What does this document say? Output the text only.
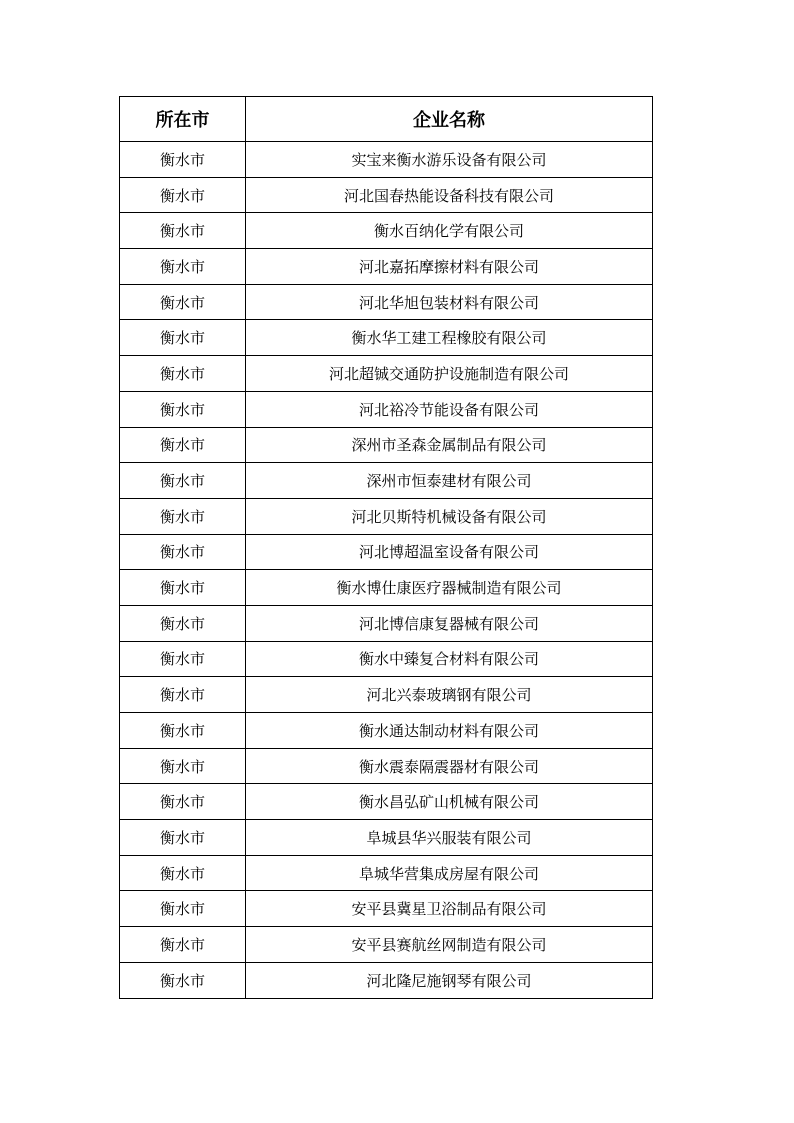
所在市	企业名称
衡水市	实宝来衡水游乐设备有限公司
衡水市	河北国春热能设备科技有限公司
衡水市	衡水百纳化学有限公司
衡水市	河北嘉拓摩擦材料有限公司
衡水市	河北华旭包装材料有限公司
衡水市	衡水华工建工程橡胶有限公司
衡水市	河北超铖交通防护设施制造有限公司
衡水市	河北裕冷节能设备有限公司
衡水市	深州市圣森金属制品有限公司
衡水市	深州市恒泰建材有限公司
衡水市	河北贝斯特机械设备有限公司
衡水市	河北博超温室设备有限公司
衡水市	衡水博仕康医疗器械制造有限公司
衡水市	河北博信康复器械有限公司
衡水市	衡水中臻复合材料有限公司
衡水市	河北兴泰玻璃钢有限公司
衡水市	衡水通达制动材料有限公司
衡水市	衡水震泰隔震器材有限公司
衡水市	衡水昌弘矿山机械有限公司
衡水市	阜城县华兴服装有限公司
衡水市	阜城华营集成房屋有限公司
衡水市	安平县冀星卫浴制品有限公司
衡水市	安平县赛航丝网制造有限公司
衡水市	河北隆尼施钢琴有限公司
